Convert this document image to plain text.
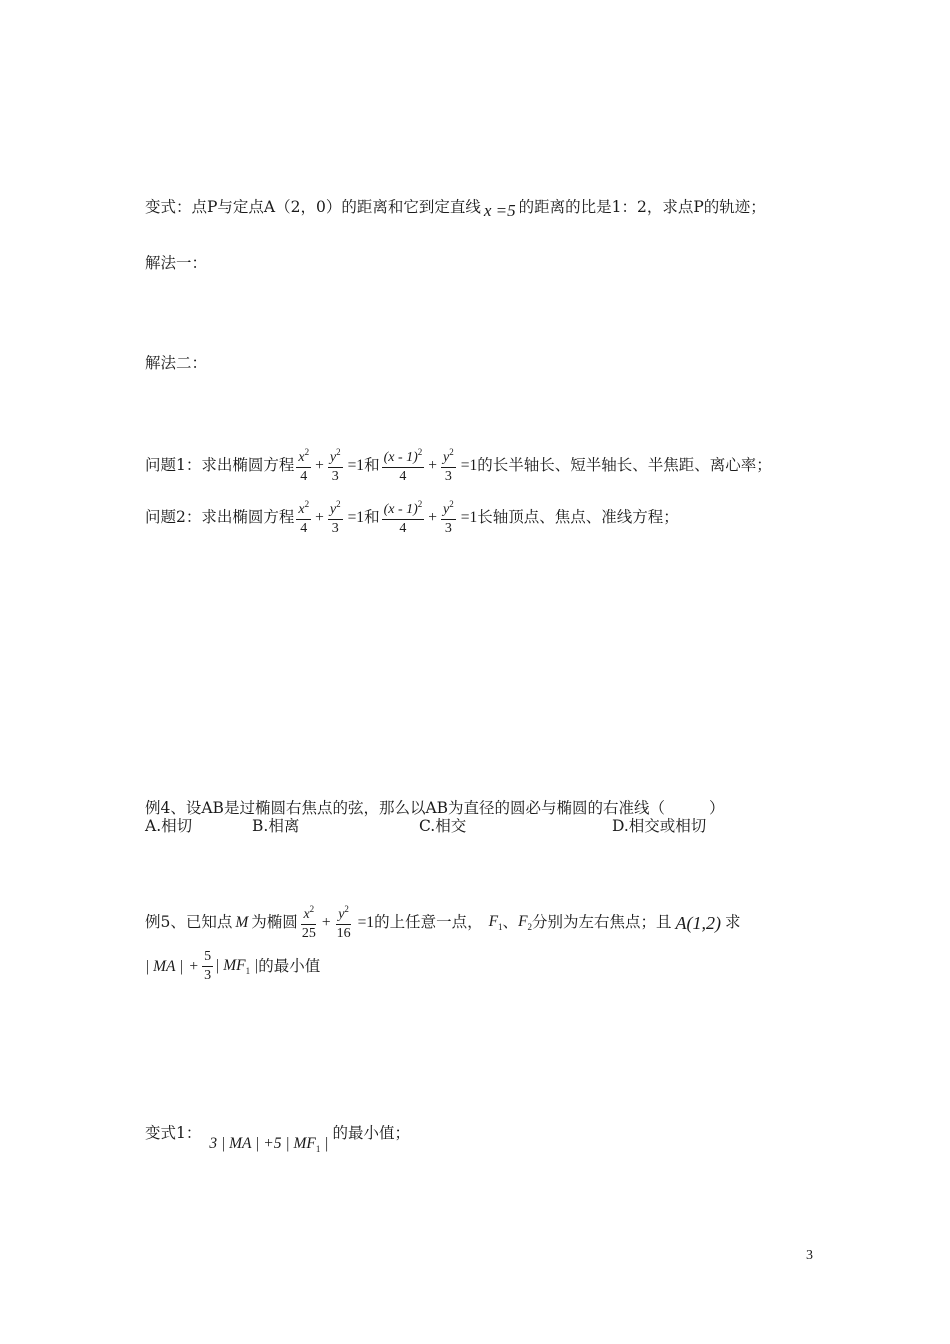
变式：点P与定点A（2，0）的距离和它到定直线 x =5 的距离的比是1：2，求点P的轨迹；
解法一：
解法二：
问题1：求出椭圆方程 $\frac{x^2}{4} + \frac{y^2}{3} =1$ 和 $\frac{(x - 1)^2}{4} + \frac{y^2}{3} =1$ 的长半轴长、短半轴长、半焦距、离心率；
问题2：求出椭圆方程 $\frac{x^2}{4} + \frac{y^2}{3} =1$ 和 $\frac{(x - 1)^2}{4} + \frac{y^2}{3} =1$ 长轴顶点、焦点、准线方程；
例4、设AB是过椭圆右焦点的弦，那么以AB为直径的圆必与椭圆的右准线（	）
A.相切	B.相离	C.相交	D.相交或相切
例5、已知点 M 为椭圆 $\frac{x^2}{25} + \frac{y^2}{16} =1$ 的上任意一点， $F_1$ 、 $F_2$ 分别为左右焦点；且 A(1,2) 求
| MA | + $\frac{5}{3}$ | $MF_1$ | 的最小值
变式1：
3 | MA | +5 | $MF_1$ |
的最小值；
3
